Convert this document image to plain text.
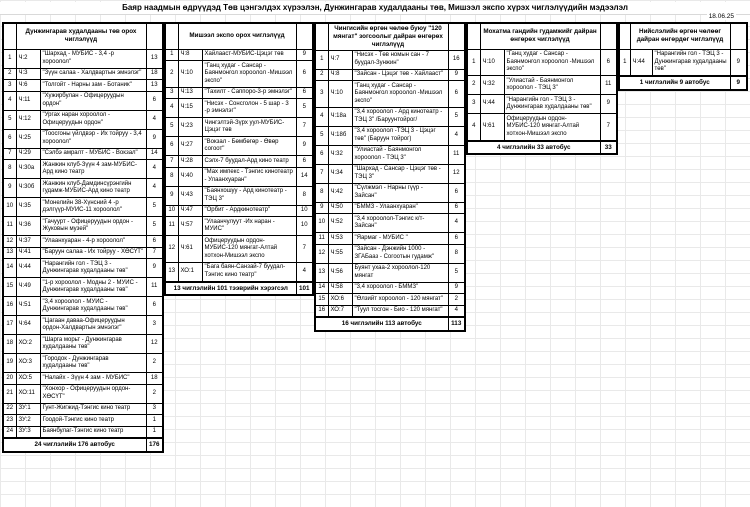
Баяр наадмын өдрүүдэд Төв цэнгэлдэх хүрээлэн, Дунжингарав худалдааны төв, Мишээл экспо хүрэх чиглэлүүдийн мэдээлэл
18.06.25
	Дунжингарав худалдааны төв орох чиглэлүүд		
1	Ч:2	"Шархад - МУБИС - 3,4 -р хороолол"	13
2	Ч:3	"Зүүн салаа - Халдвартын эмнэлэг"	18
3	Ч:6	"Толгойт - Нарны зам - Ботаник"	13
4	Ч:11	"Хужирбулан - Офицеруудын ордон"	6
5	Ч:12	"Ургах наран хороолол - Офицеруудын ордон"	4
6	Ч:25	"Тоосгоны үйлдвэр - Их тойруу - 3,4 хороолол"	9
7	Ч:29	"Сэлбэ амралт - МУБИС - Вокзал"	14
8	Ч:30а	Жанжин клуб-Зүүн 4 зам-МУБИС-Ард кино театр	4
9	Ч:30б	Жанжин клуб-Дамдинсүрэнгийн гудамж-МУБИС-Ард кино театр	4
10	Ч:35	"Монелийн 38-Хүнсний 4 -р дэлгүүр-МУИС-11 хороолол"	5
11	Ч:36	"Гачуурт - Офицеруудын ордон - Жуковын музей"	5
12	Ч:37	"Улаанхуаран - 4-р хороолол"	6
13	Ч:41	"Баруун салаа - Их тойруу - ХӨСҮТ"	7
14	Ч:44	"Нарангийн гол - ТЭЦ 3 - Дунжингарав худалдааны төв"	9
15	Ч:49	"1-р хороолол - Модны 2 - МУИС - Дунжингарав худалдааны төв"	11
16	Ч:51	"3,4 хороолол - МУИС - Дунжингарав худалдааны төв"	6
17	Ч:64	"Цагаан даваа-Офицеруудын ордон-Халдвартын эмнэлэг"	3
18	ХО:2	"Шарга морьт - Дунжингарав худалдааны төв"	12
19	ХО:3	"Городок - Дунжингарав худалдааны төв"	2
20	ХО:5	"Налайх - Зүүн 4 зам - МУБИС"	18
21	ХО:11	"Хонхор - Офицеруудын ордон- ХӨСҮТ"	2
22	ЗУ:1	Гунт-Жигжид-Тэнгис кино театр	3
23	ЗУ:2	Гоодой-Тэнгис кино театр	1
24	ЗУ:3	Баянбулаг-Тэнгис кино театр	1
24 чиглэлийн 176 автобус			176
	Мишээл экспо орох чиглэлүүд		
1	Ч:8	Хайлааст-МУБИС-Цэцэг төв	9
2	Ч:10	"Ганц худаг - Сансар - Баянмонгол хороолол -Мишээл экспо"	6
3	Ч:13	"Тахилт - Саппоро-3-р эмнэлэг"	6
4	Ч:15	"Нисэх - Сонсголон - 5 шар - 3 -р эмнэлэг"	5
5	Ч:23	Чингэлтэй-Зүрх уул-МУБИС-Цэцэг төв	7
6	Ч:27	"Вокзал - Бөмбөгөр - Өвөр согоот"	9
7	Ч:28	Сэлх-7 буудал-Ард кино театр	6
8	Ч:40	"Мах импекс - Тэнгис кинотеатр - Улаанхуаран"	14
9	Ч:43	"Баянхошуу - Ард кинотеатр - ТЭЦ 3"	8
10	Ч:47	"Орбит - Ардкинотеатр"	10
11	Ч:57	"Улаанчулуут -Их наран - МУИС"	10
12	Ч:61	Офицеруудын ордон-МУБИС-120 мянгат-Алтай хотхон-Мишээл экспо	7
13	ХО:1	"Бага баян-Санзай-7 буудал-Тэнгис кино театр"	4
13 чиглэлийн 101 тээврийн хэрэгсэл			101
	Чингисийн өргөн чөлөө буюу "120 мянгат" зогсоолыг дайран өнгөрөх чиглэлүүд		
1	Ч:7	"Нисэх - Төв номын сан - 7 буудал-Зунжин"	16
2	Ч:8	"Зайсан - Цэцэг төв - Хайлааст"	9
3	Ч:10	"Ганц худаг - Сансар - Баянмонгол хороолол -Мишээл экспо"	6
4	Ч:18а	"3,4 хороолол - Ард кинотеатр - ТЭЦ 3" /Баруунтойрог/	5
5	Ч:18б	"3,4 хороолол -ТЭЦ 3 - Цэцэг төв" (Баруун тойрог)	4
6	Ч:32	"Улиастай - Баянмонгол хороолол - ТЭЦ 3"	11
7	Ч:34	"Шархад - Сансар - Цэцэг төв - ТЭЦ 3"	12
8	Ч:42	"Сүлжмэл - Нарны гүүр - Зайсан"	6
9	Ч:50	"БММЗ - Улаанхуаран"	6
10	Ч:52	"3,4 хороолол-Тэнгис к/т- Зайсан"	4
11	Ч:53	"Яармаг - МУБИС "	6
12	Ч:55	"Зайсан - Дэнжийн 1000 - ЗГАБааз - Согоотын гудамж"	8
13	Ч:56	Буянт ухаа-2 хороолол-120 мянгат	5
14	Ч:58	"3,4 хороолол - БММЗ"	9
15	ХО:6	"Өлзийт хороолол - 120 мянгат"	2
16	ХО:7	"Туул тосгон - Био - 120 мянгат"	4
16 чиглэлийн 113 автобус			113
	Мохатма гандийн гудамжийг дайран өнгөрөх чиглэлүүд		
1	Ч:10	"Ганц худаг - Сансар - Баянмонгол хороолол -Мишээл экспо"	6
2	Ч:32	"Улиастай - Баянмонгол хороолол - ТЭЦ 3"	11
3	Ч:44	"Нарангийн гол - ТЭЦ 3 - Дунжингарав худалдааны төв"	9
4	Ч:61	Офицеруудын ордон-МУБИС-120 мянгат-Алтай хотхон-Мишээл экспо	7
4 чиглэлийн 33 автобус			33
	Нийслэлийн өргөн чөлөөг дайран өнгөрдөг чиглэлүүд		
1	Ч:44	"Нарангийн гол - ТЭЦ 3 - Дунжингарав худалдааны төв"	9
1 чиглэлийн 9 автобус			9
